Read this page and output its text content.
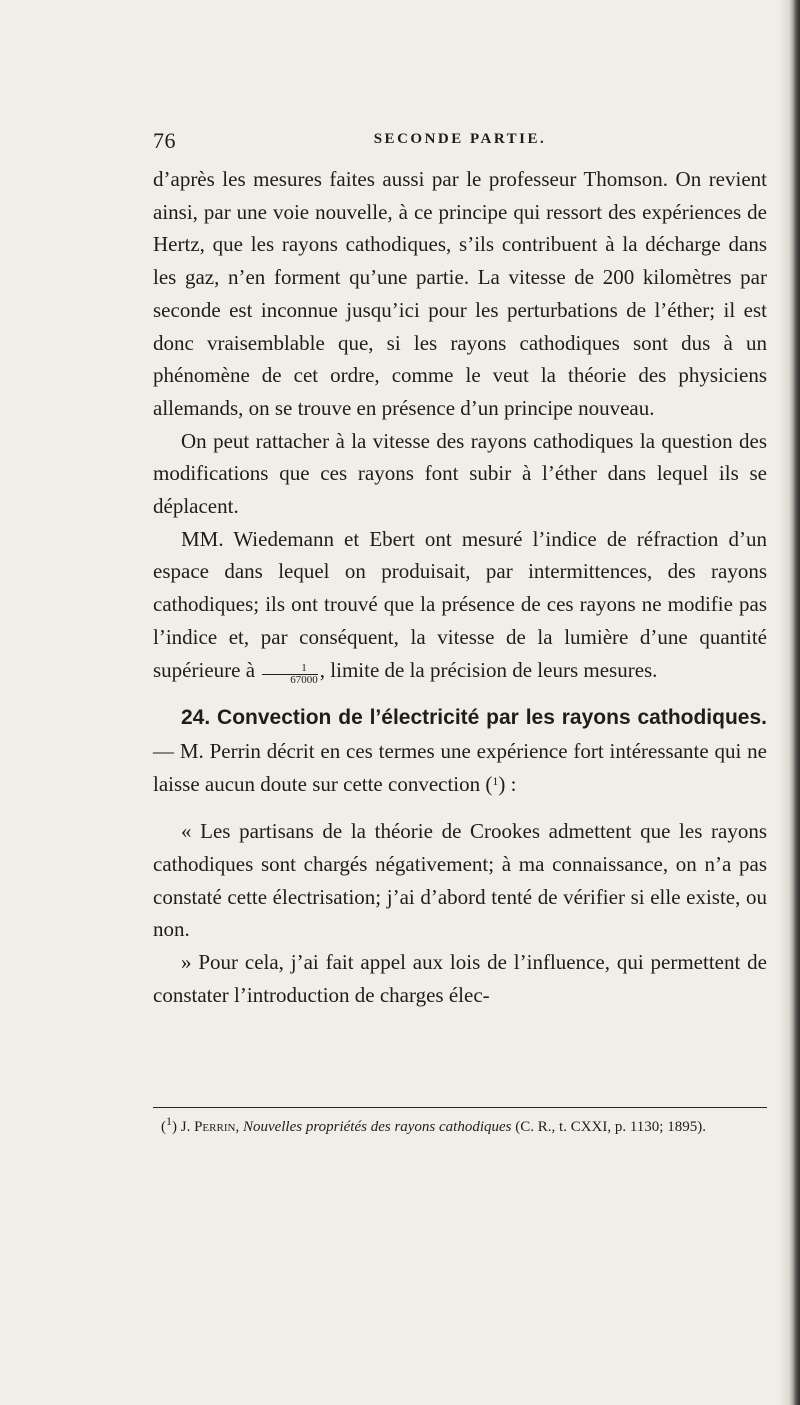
76	SECONDE PARTIE.

d’après les mesures faites aussi par le professeur Thomson. On revient ainsi, par une voie nouvelle, à ce principe qui ressort des expériences de Hertz, que les rayons cathodiques, s’ils contribuent à la décharge dans les gaz, n’en forment qu’une partie. La vitesse de 200 kilomètres par seconde est inconnue jusqu’ici pour les perturbations de l’éther; il est donc vraisemblable que, si les rayons cathodiques sont dus à un phénomène de cet ordre, comme le veut la théorie des physiciens allemands, on se trouve en présence d’un principe nouveau.

On peut rattacher à la vitesse des rayons cathodiques la question des modifications que ces rayons font subir à l’éther dans lequel ils se déplacent.

MM. Wiedemann et Ebert ont mesuré l’indice de réfraction d’un espace dans lequel on produisait, par intermittences, des rayons cathodiques; ils ont trouvé que la présence de ces rayons ne modifie pas l’indice et, par conséquent, la vitesse de la lumière d’une quantité supérieure à $\frac{1}{67000}$ , limite de la précision de leurs mesures.

24. Convection de l’électricité par les rayons cathodiques. — M. Perrin décrit en ces termes une expérience fort intéressante qui ne laisse aucun doute sur cette convection ($^1$) :

« Les partisans de la théorie de Crookes admettent que les rayons cathodiques sont chargés négativement; à ma connaissance, on n’a pas constaté cette électrisation; j’ai d’abord tenté de vérifier si elle existe, ou non.

» Pour cela, j’ai fait appel aux lois de l’influence, qui permettent de constater l’introduction de charges élec-

($^1$) J. Perrin, Nouvelles propriétés des rayons cathodiques (C. R., t. CXXI, p. 1130; 1895).
